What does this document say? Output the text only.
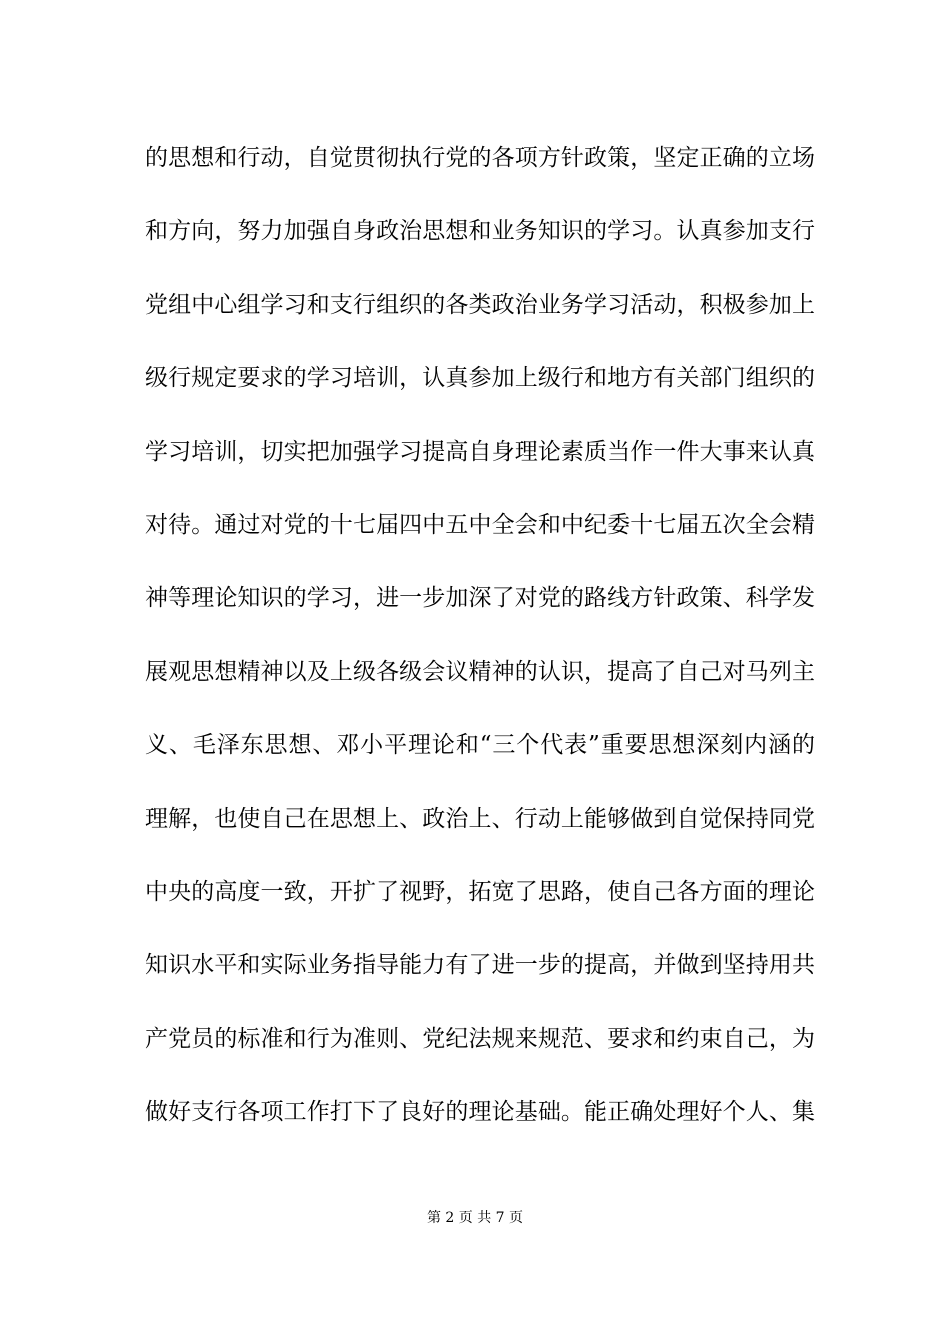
的思想和行动，自觉贯彻执行党的各项方针政策，坚定正确的立场
和方向，努力加强自身政治思想和业务知识的学习。认真参加支行
党组中心组学习和支行组织的各类政治业务学习活动，积极参加上
级行规定要求的学习培训，认真参加上级行和地方有关部门组织的
学习培训，切实把加强学习提高自身理论素质当作一件大事来认真
对待。通过对党的十七届四中五中全会和中纪委十七届五次全会精
神等理论知识的学习，进一步加深了对党的路线方针政策、科学发
展观思想精神以及上级各级会议精神的认识，提高了自己对马列主
义、毛泽东思想、邓小平理论和“三个代表”重要思想深刻内涵的
理解，也使自己在思想上、政治上、行动上能够做到自觉保持同党
中央的高度一致，开扩了视野，拓宽了思路，使自己各方面的理论
知识水平和实际业务指导能力有了进一步的提高，并做到坚持用共
产党员的标准和行为准则、党纪法规来规范、要求和约束自己，为
做好支行各项工作打下了良好的理论基础。能正确处理好个人、集
第 2 页 共 7 页
